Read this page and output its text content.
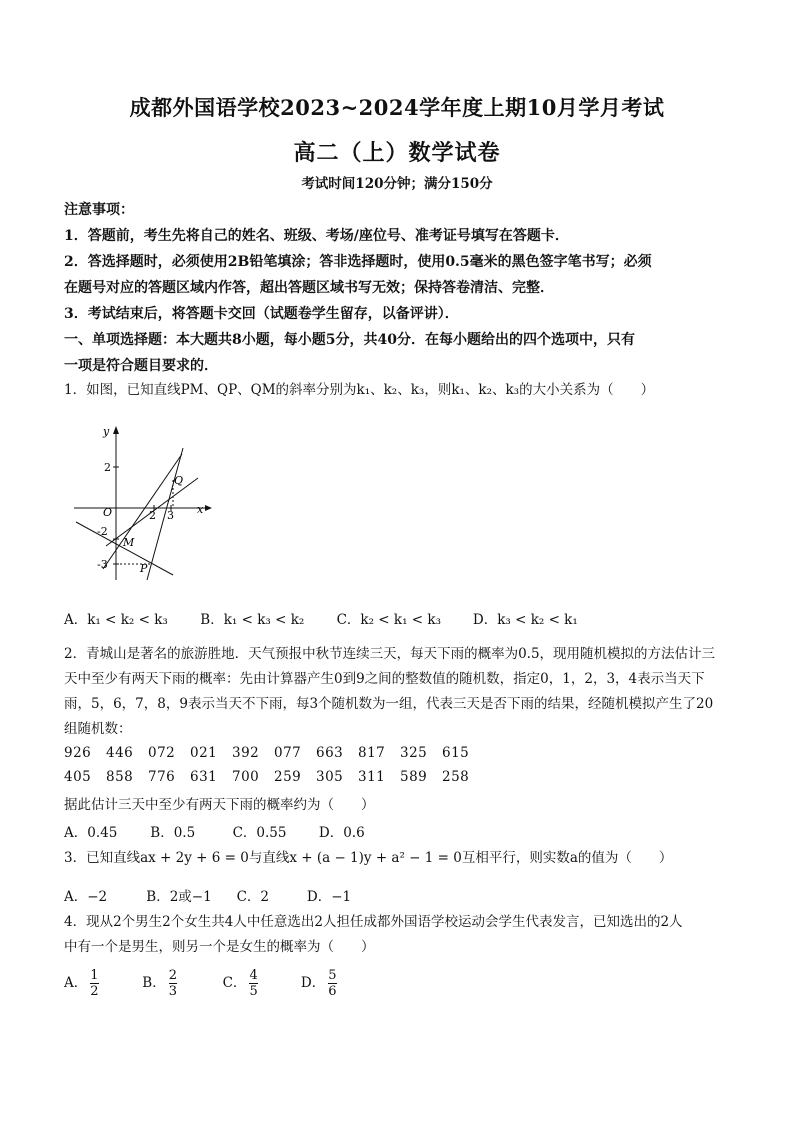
成都外国语学校2023~2024学年度上期10月学月考试
高二（上）数学试卷
考试时间120分钟；满分150分
注意事项：
1．答题前，考生先将自己的姓名、班级、考场/座位号、准考证号填写在答题卡．
2．答选择题时，必须使用2B铅笔填涂；答非选择题时，使用0.5毫米的黑色签字笔书写；必须
在题号对应的答题区域内作答，超出答题区域书写无效；保持答卷清洁、完整．
3．考试结束后，将答题卡交回（试题卷学生留存，以备评讲）．
一、单项选择题：本大题共8小题，每小题5分，共40分．在每小题给出的四个选项中，只有
一项是符合题目要求的．
1．如图，已知直线PM、QP、QM的斜率分别为k₁、k₂、k₃，则k₁、k₂、k₃的大小关系为（　　）
y
x
O
2
-2
-3
2 3
Q
M
P
A．k₁ < k₂ < k₃ B．k₁ < k₃ < k₂ C．k₂ < k₁ < k₃ D．k₃ < k₂ < k₁
2．青城山是著名的旅游胜地．天气预报中秋节连续三天，每天下雨的概率为0.5，现用随机模拟的方法估计三
天中至少有两天下雨的概率：先由计算器产生0到9之间的整数值的随机数，指定0，1，2，3，4表示当天下
雨，5，6，7，8，9表示当天不下雨，每3个随机数为一组，代表三天是否下雨的结果，经随机模拟产生了20
组随机数：
926 446 072 021 392 077 663 817 325 615
405 858 776 631 700 259 305 311 589 258
据此估计三天中至少有两天下雨的概率约为（　　）
A．0.45 B．0.5	C．0.55 D．0.6
3．已知直线ax + 2y + 6 = 0与直线x + (a − 1)y + a² − 1 = 0互相平行，则实数a的值为（　　）
A．−2	B．2或−1 C．2	D．−1
4．现从2个男生2个女生共4人中任意选出2人担任成都外国语学校运动会学生代表发言，已知选出的2人
中有一个是男生，则另一个是女生的概率为（　　）
A． $\frac{1}{2}$	B． $\frac{2}{3}$	C． $\frac{4}{5}$	D． $\frac{5}{6}$
